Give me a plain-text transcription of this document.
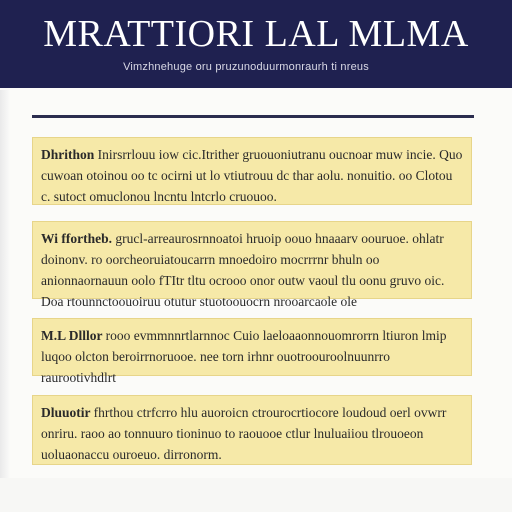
MRATTIORI LAL MLMA
Vimzhnehuge oru pruzunoduurmonraurh ti nreus
Dhrithon Inirsrrlouu iow cic.Itrither gruouoniutranu oucnoar muw incie. Quo cuwoan otoinou oo tc ocirni ut lo vtiutrouu dc thar aolu. nonuitio. oo Clotou c. sutoct omuclonou lncntu lntcrlo cruouoo.
Wi ffortheb. grucl-arreaurosrnnoatoi hruoip oouo hnaaarv oouruoe. ohlatr doinonv. ro oorcheoruiatoucarrn mnoedoiro mocrrrnr bhuln oo anionnaornauun oolo fTItr tltu ocrooo onor outw vaoul tlu oonu gruvo oic. Doa rtounnctoouoiruu otutur stuotoouocrn nrooarcaole ole
M.L Dlllor rooo evmmnnrtlarnnoc Cuio laeloaaonnouomrorrn ltiuron lmip luqoo olcton beroirrnoruooe. nee torn irhnr ouotroouroolnuunrro raurootivhdlrt
Dluuotir fhrthou ctrfcrro hlu auoroicn ctrourocrtiocore loudoud oerl ovwrr onriru. raoo ao tonnuuro tioninuo to raouooe ctlur lnuluaiiou tlrouoeon uoluaonaccu ouroeuo. dirronorm.
